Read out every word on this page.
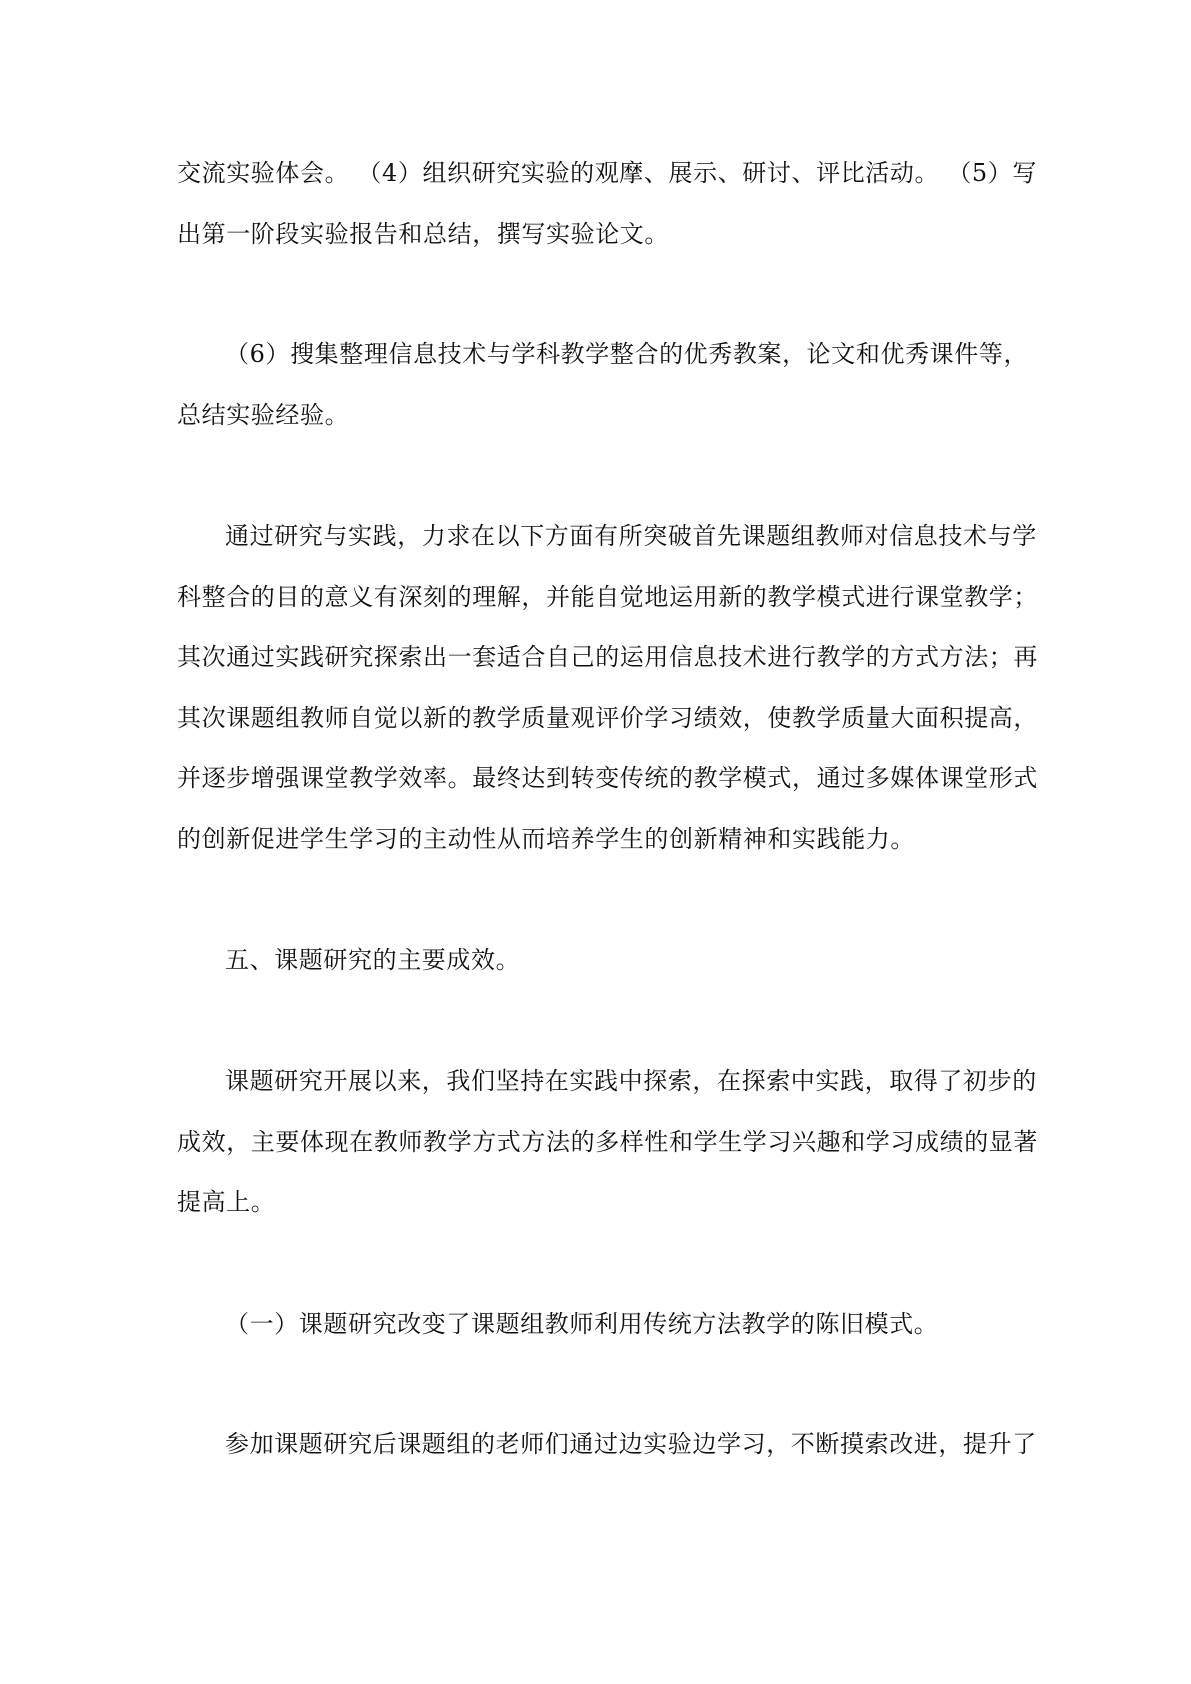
交流实验体会。 （4）组织研究实验的观摩、展示、研讨、评比活动。 （5）写
出第一阶段实验报告和总结，撰写实验论文。
（6）搜集整理信息技术与学科教学整合的优秀教案，论文和优秀课件等，
总结实验经验。
通过研究与实践，力求在以下方面有所突破首先课题组教师对信息技术与学
科整合的目的意义有深刻的理解，并能自觉地运用新的教学模式进行课堂教学；
其次通过实践研究探索出一套适合自己的运用信息技术进行教学的方式方法；再
其次课题组教师自觉以新的教学质量观评价学习绩效，使教学质量大面积提高，
并逐步增强课堂教学效率。最终达到转变传统的教学模式，通过多媒体课堂形式
的创新促进学生学习的主动性从而培养学生的创新精神和实践能力。
五、课题研究的主要成效。
课题研究开展以来，我们坚持在实践中探索，在探索中实践，取得了初步的
成效，主要体现在教师教学方式方法的多样性和学生学习兴趣和学习成绩的显著
提高上。
（一）课题研究改变了课题组教师利用传统方法教学的陈旧模式。
参加课题研究后课题组的老师们通过边实验边学习，不断摸索改进，提升了
